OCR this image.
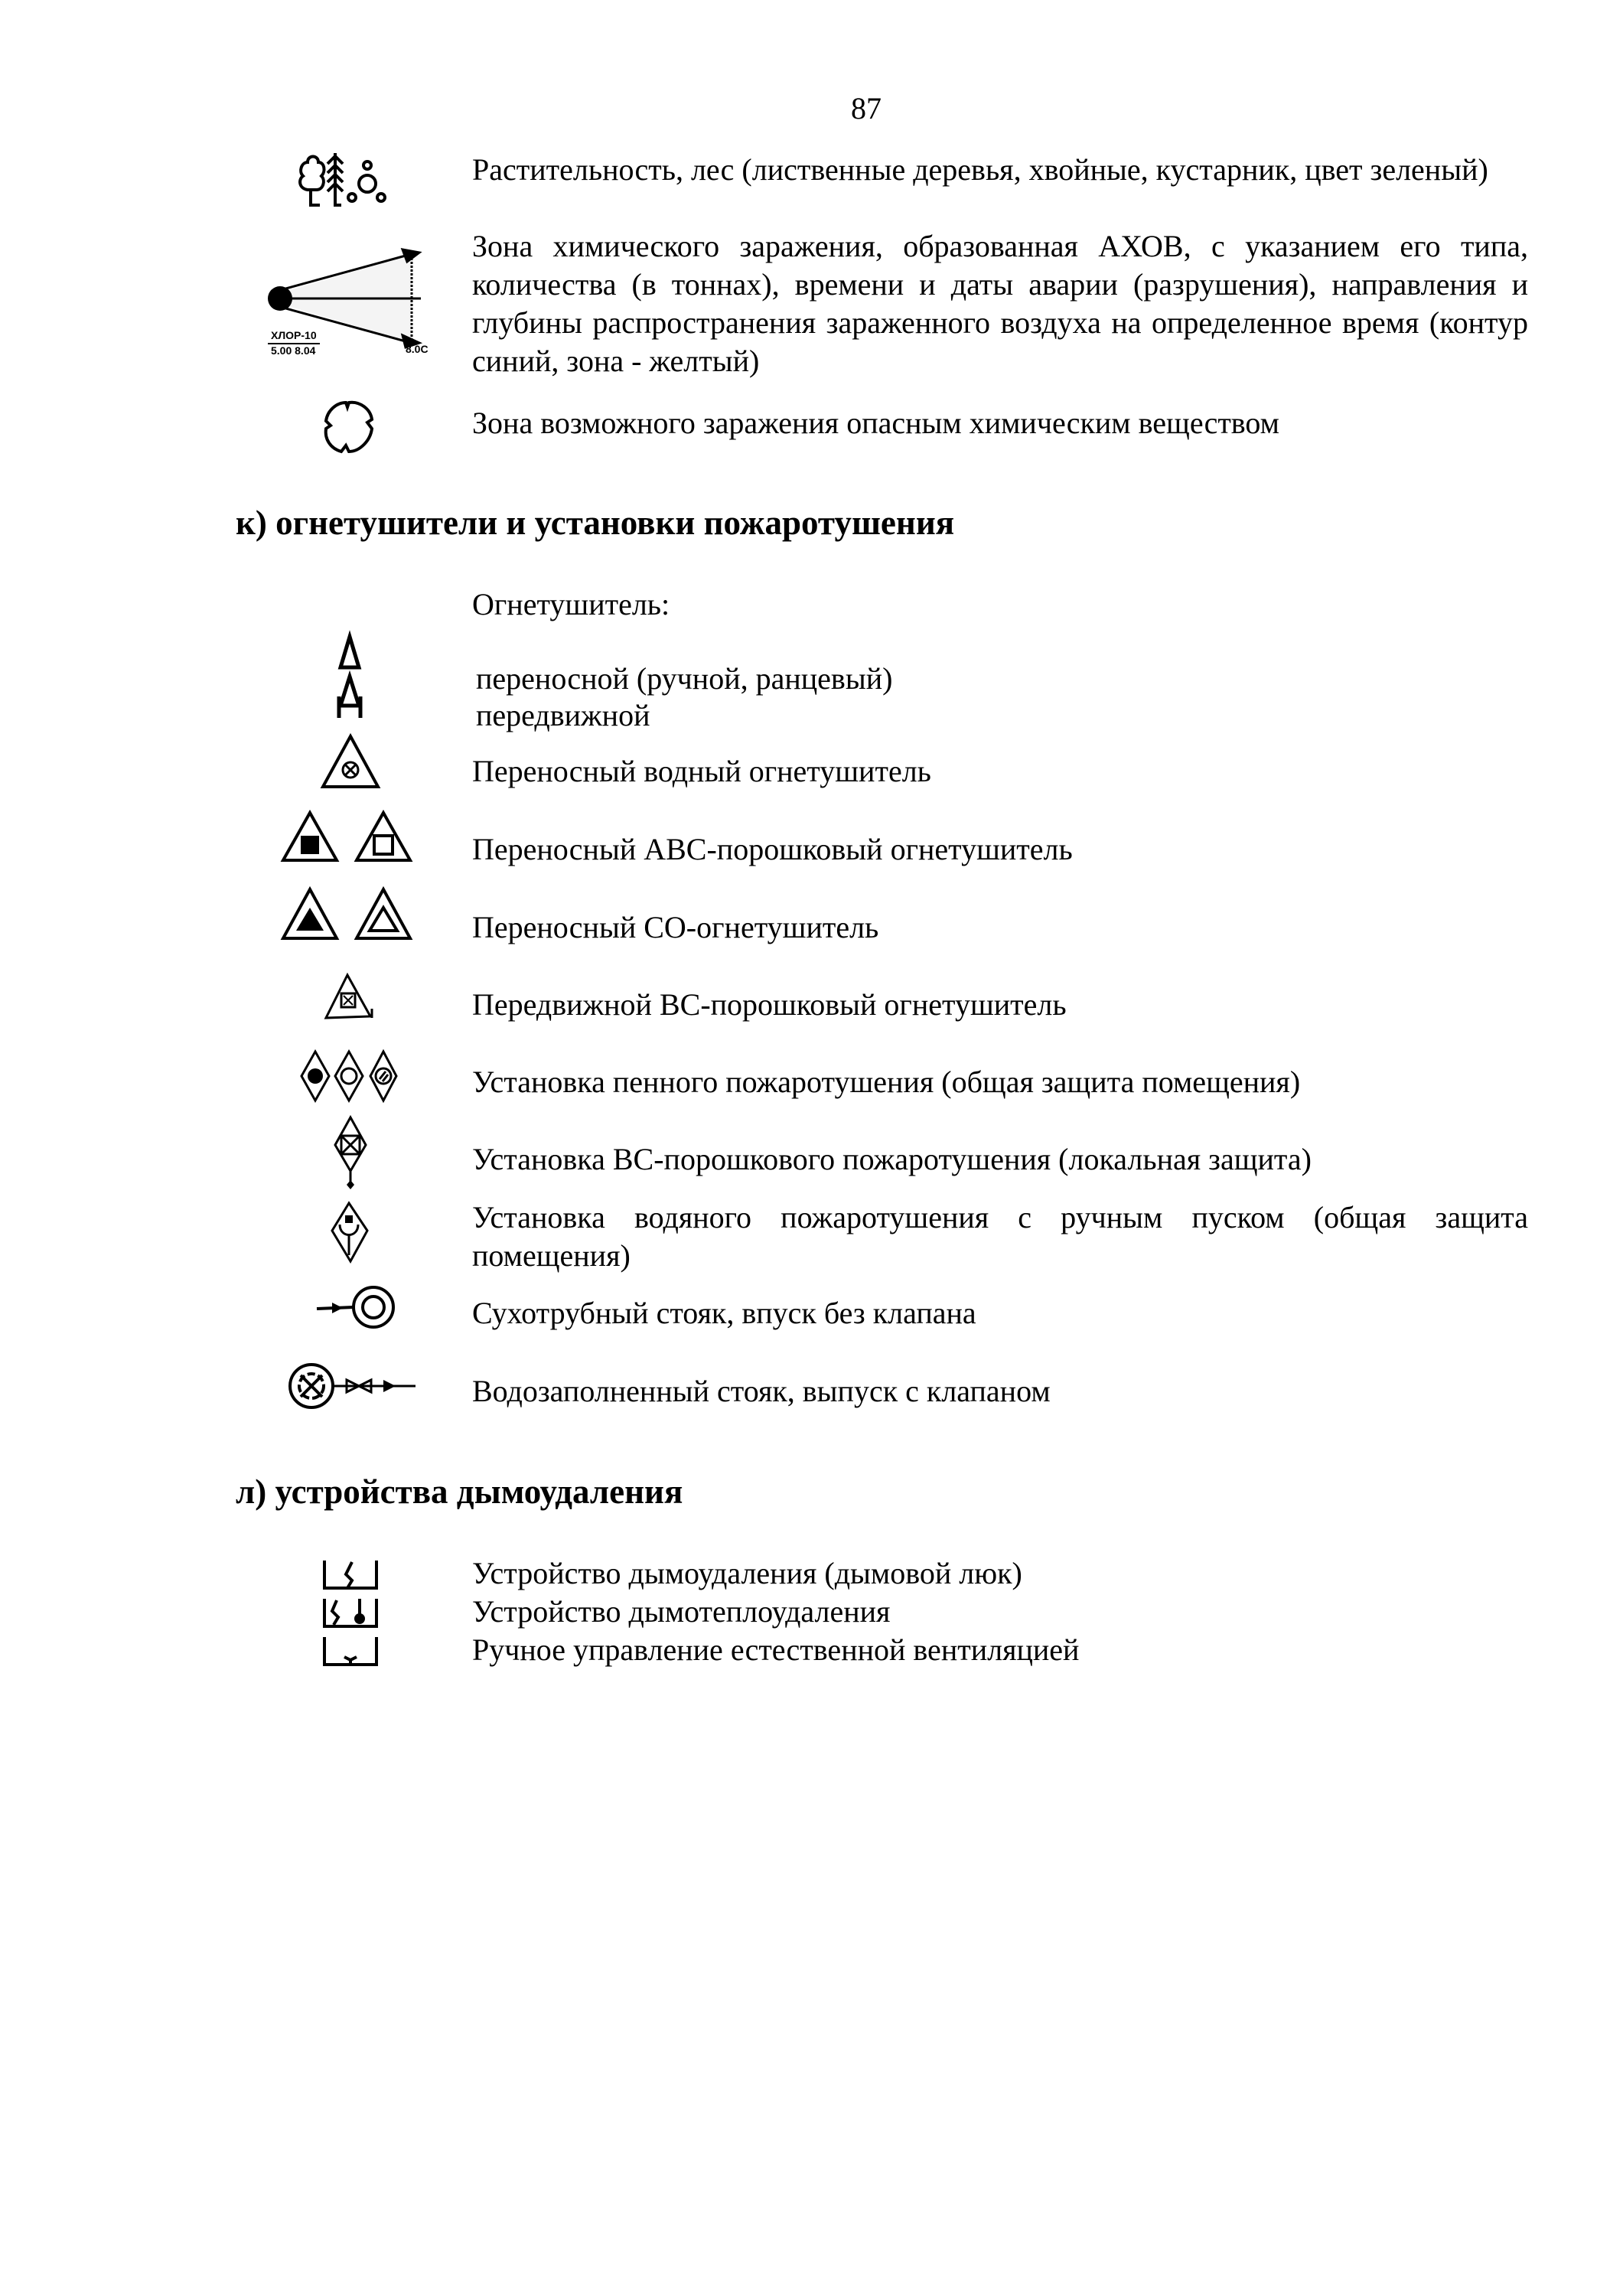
87
Растительность, лес (лиственные деревья, хвойные, кустарник, цвет зеленый)
ХЛОР-10
5.00 8.04	8.0С
Зона химического заражения, образованная АХОВ, с указанием его типа, количества (в тоннах), времени и даты аварии (разрушения), направления и глубины распространения зараженного воздуха на определенное время (контур синий, зона - желтый)
Зона возможного заражения опасным химическим веществом
к) огнетушители и установки пожаротушения
Огнетушитель:
переносной (ручной, ранцевый)
передвижной
Переносный водный огнетушитель
Переносный АВС-порошковый огнетушитель
Переносный СО-огнетушитель
Передвижной ВС-порошковый огнетушитель
Установка пенного пожаротушения (общая защита помещения)
Установка ВС-порошкового пожаротушения (локальная защита)
Установка водяного пожаротушения с ручным пуском (общая защита помещения)
Сухотрубный стояк, впуск без клапана
Водозаполненный стояк, выпуск с клапаном
л) устройства дымоудаления
Устройство дымоудаления (дымовой люк)
Устройство дымотеплоудаления
Ручное управление естественной вентиляцией
